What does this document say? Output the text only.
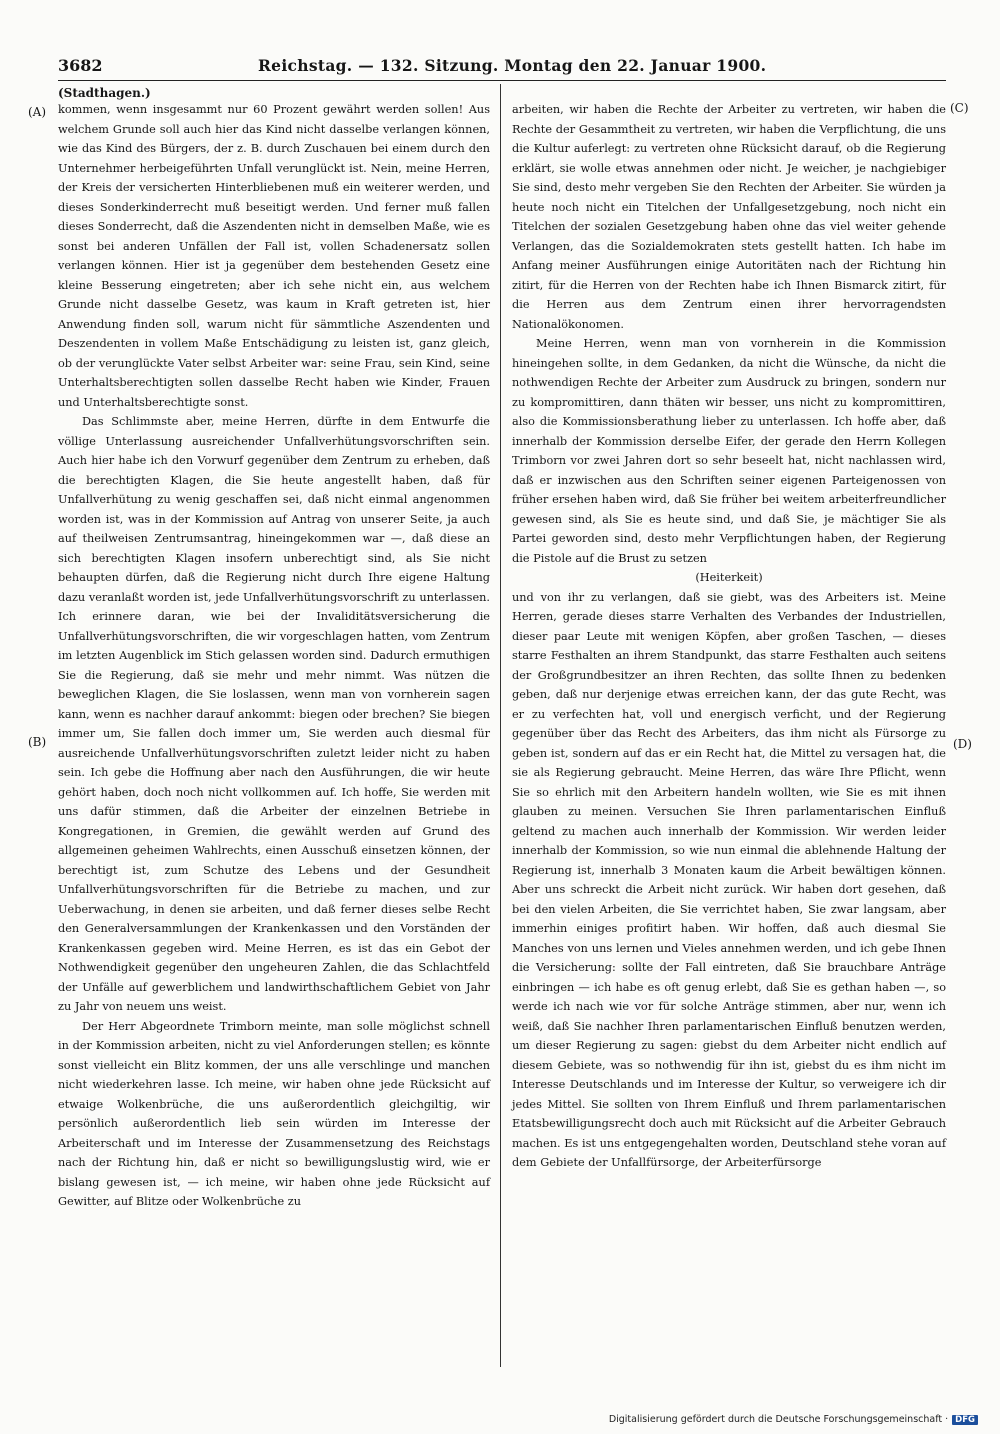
3682	Reichstag. — 132. Sitzung. Montag den 22. Januar 1900.
(Stadthagen.)
(A)
(B)
(C)
(D)

kommen, wenn insgesammt nur 60 Prozent gewährt werden sollen! Aus welchem Grunde soll auch hier das Kind nicht dasselbe verlangen können, wie das Kind des Bürgers, der z. B. durch Zuschauen bei einem durch den Unternehmer herbeigeführten Unfall verunglückt ist. Nein, meine Herren, der Kreis der versicherten Hinterbliebenen muß ein weiterer werden, und dieses Sonderkinderrecht muß beseitigt werden. Und ferner muß fallen dieses Sonderrecht, daß die Aszendenten nicht in demselben Maße, wie es sonst bei anderen Unfällen der Fall ist, vollen Schadenersatz sollen verlangen können. Hier ist ja gegenüber dem bestehenden Gesetz eine kleine Besserung eingetreten; aber ich sehe nicht ein, aus welchem Grunde nicht dasselbe Gesetz, was kaum in Kraft getreten ist, hier Anwendung finden soll, warum nicht für sämmtliche Aszendenten und Deszendenten in vollem Maße Entschädigung zu leisten ist, ganz gleich, ob der verunglückte Vater selbst Arbeiter war: seine Frau, sein Kind, seine Unterhaltsberechtigten sollen dasselbe Recht haben wie Kinder, Frauen und Unterhaltsberechtigte sonst.

Das Schlimmste aber, meine Herren, dürfte in dem Entwurfe die völlige Unterlassung ausreichender Unfallverhütungsvorschriften sein. Auch hier habe ich den Vorwurf gegenüber dem Zentrum zu erheben, daß die berechtigten Klagen, die Sie heute angestellt haben, daß für Unfallverhütung zu wenig geschaffen sei, daß nicht einmal angenommen worden ist, was in der Kommission auf Antrag von unserer Seite, ja auch auf theilweisen Zentrumsantrag, hineingekommen war —, daß diese an sich berechtigten Klagen insofern unberechtigt sind, als Sie nicht behaupten dürfen, daß die Regierung nicht durch Ihre eigene Haltung dazu veranlaßt worden ist, jede Unfallverhütungsvorschrift zu unterlassen. Ich erinnere daran, wie bei der Invaliditätsversicherung die Unfallverhütungsvorschriften, die wir vorgeschlagen hatten, vom Zentrum im letzten Augenblick im Stich gelassen worden sind. Dadurch ermuthigen Sie die Regierung, daß sie mehr und mehr nimmt. Was nützen die beweglichen Klagen, die Sie loslassen, wenn man von vornherein sagen kann, wenn es nachher darauf ankommt: biegen oder brechen? Sie biegen immer um, Sie fallen doch immer um, Sie werden auch diesmal für ausreichende Unfallverhütungsvorschriften zuletzt leider nicht zu haben sein. Ich gebe die Hoffnung aber nach den Ausführungen, die wir heute gehört haben, doch noch nicht vollkommen auf. Ich hoffe, Sie werden mit uns dafür stimmen, daß die Arbeiter der einzelnen Betriebe in Kongregationen, in Gremien, die gewählt werden auf Grund des allgemeinen geheimen Wahlrechts, einen Ausschuß einsetzen können, der berechtigt ist, zum Schutze des Lebens und der Gesundheit Unfallverhütungsvorschriften für die Betriebe zu machen, und zur Ueberwachung, in denen sie arbeiten, und daß ferner dieses selbe Recht den Generalversammlungen der Krankenkassen und den Vorständen der Krankenkassen gegeben wird. Meine Herren, es ist das ein Gebot der Nothwendigkeit gegenüber den ungeheuren Zahlen, die das Schlachtfeld der Unfälle auf gewerblichem und landwirthschaftlichem Gebiet von Jahr zu Jahr von neuem uns weist.

Der Herr Abgeordnete Trimborn meinte, man solle möglichst schnell in der Kommission arbeiten, nicht zu viel Anforderungen stellen; es könnte sonst vielleicht ein Blitz kommen, der uns alle verschlinge und manchen nicht wiederkehren lasse. Ich meine, wir haben ohne jede Rücksicht auf etwaige Wolkenbrüche, die uns außerordentlich gleichgiltig, wir persönlich außerordentlich lieb sein würden im Interesse der Arbeiterschaft und im Interesse der Zusammensetzung des Reichstags nach der Richtung hin, daß er nicht so bewilligungslustig wird, wie er bislang gewesen ist, — ich meine, wir haben ohne jede Rücksicht auf Gewitter, auf Blitze oder Wolkenbrüche zu

arbeiten, wir haben die Rechte der Arbeiter zu vertreten, wir haben die Rechte der Gesammtheit zu vertreten, wir haben die Verpflichtung, die uns die Kultur auferlegt: zu vertreten ohne Rücksicht darauf, ob die Regierung erklärt, sie wolle etwas annehmen oder nicht. Je weicher, je nachgiebiger Sie sind, desto mehr vergeben Sie den Rechten der Arbeiter. Sie würden ja heute noch nicht ein Titelchen der Unfallgesetzgebung, noch nicht ein Titelchen der sozialen Gesetzgebung haben ohne das viel weiter gehende Verlangen, das die Sozialdemokraten stets gestellt hatten. Ich habe im Anfang meiner Ausführungen einige Autoritäten nach der Richtung hin zitirt, für die Herren von der Rechten habe ich Ihnen Bismarck zitirt, für die Herren aus dem Zentrum einen ihrer hervorragendsten Nationalökonomen.

Meine Herren, wenn man von vornherein in die Kommission hineingehen sollte, in dem Gedanken, da nicht die Wünsche, da nicht die nothwendigen Rechte der Arbeiter zum Ausdruck zu bringen, sondern nur zu kompromittiren, dann thäten wir besser, uns nicht zu kompromittiren, also die Kommissionsberathung lieber zu unterlassen. Ich hoffe aber, daß innerhalb der Kommission derselbe Eifer, der gerade den Herrn Kollegen Trimborn vor zwei Jahren dort so sehr beseelt hat, nicht nachlassen wird, daß er inzwischen aus den Schriften seiner eigenen Parteigenossen von früher ersehen haben wird, daß Sie früher bei weitem arbeiterfreundlicher gewesen sind, als Sie es heute sind, und daß Sie, je mächtiger Sie als Partei geworden sind, desto mehr Verpflichtungen haben, der Regierung die Pistole auf die Brust zu setzen

(Heiterkeit)

und von ihr zu verlangen, daß sie giebt, was des Arbeiters ist. Meine Herren, gerade dieses starre Verhalten des Verbandes der Industriellen, dieser paar Leute mit wenigen Köpfen, aber großen Taschen, — dieses starre Festhalten an ihrem Standpunkt, das starre Festhalten auch seitens der Großgrundbesitzer an ihren Rechten, das sollte Ihnen zu bedenken geben, daß nur derjenige etwas erreichen kann, der das gute Recht, was er zu verfechten hat, voll und energisch verficht, und der Regierung gegenüber über das Recht des Arbeiters, das ihm nicht als Fürsorge zu geben ist, sondern auf das er ein Recht hat, die Mittel zu versagen hat, die sie als Regierung gebraucht. Meine Herren, das wäre Ihre Pflicht, wenn Sie so ehrlich mit den Arbeitern handeln wollten, wie Sie es mit ihnen glauben zu meinen. Versuchen Sie Ihren parlamentarischen Einfluß geltend zu machen auch innerhalb der Kommission. Wir werden leider innerhalb der Kommission, so wie nun einmal die ablehnende Haltung der Regierung ist, innerhalb 3 Monaten kaum die Arbeit bewältigen können. Aber uns schreckt die Arbeit nicht zurück. Wir haben dort gesehen, daß bei den vielen Arbeiten, die Sie verrichtet haben, Sie zwar langsam, aber immerhin einiges profitirt haben. Wir hoffen, daß auch diesmal Sie Manches von uns lernen und Vieles annehmen werden, und ich gebe Ihnen die Versicherung: sollte der Fall eintreten, daß Sie brauchbare Anträge einbringen — ich habe es oft genug erlebt, daß Sie es gethan haben —, so werde ich nach wie vor für solche Anträge stimmen, aber nur, wenn ich weiß, daß Sie nachher Ihren parlamentarischen Einfluß benutzen werden, um dieser Regierung zu sagen: giebst du dem Arbeiter nicht endlich auf diesem Gebiete, was so nothwendig für ihn ist, giebst du es ihm nicht im Interesse Deutschlands und im Interesse der Kultur, so verweigere ich dir jedes Mittel. Sie sollten von Ihrem Einfluß und Ihrem parlamentarischen Etatsbewilligungsrecht doch auch mit Rücksicht auf die Arbeiter Gebrauch machen. Es ist uns entgegengehalten worden, Deutschland stehe voran auf dem Gebiete der Unfallfürsorge, der Arbeiterfürsorge

Digitalisierung gefördert durch die Deutsche Forschungsgemeinschaft · DFG
